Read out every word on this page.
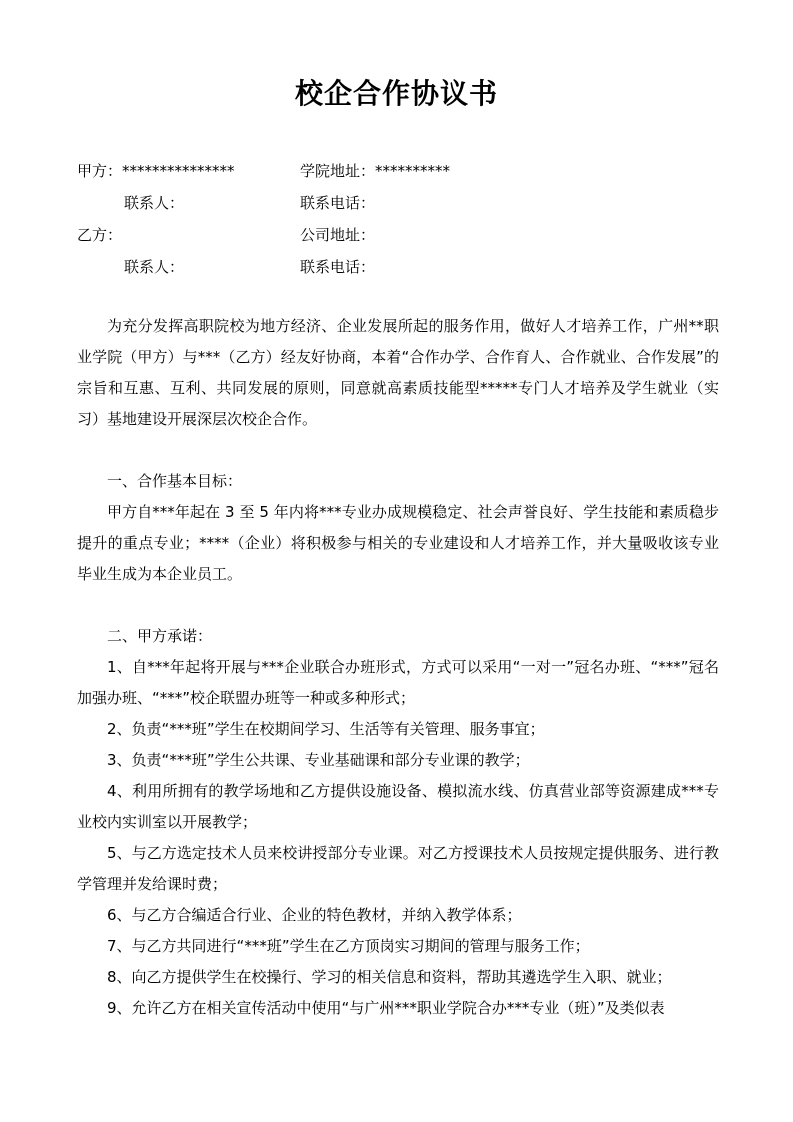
校企合作协议书
甲方：***************	学院地址：**********
联系人：	联系电话：
乙方：	公司地址：
联系人：	联系电话：

为充分发挥高职院校为地方经济、企业发展所起的服务作用，做好人才培养工作，广州**职业学院（甲方）与***（乙方）经友好协商，本着“合作办学、合作育人、合作就业、合作发展”的宗旨和互惠、互利、共同发展的原则，同意就高素质技能型*****专门人才培养及学生就业（实习）基地建设开展深层次校企合作。

一、合作基本目标：

甲方自***年起在 3 至 5 年内将***专业办成规模稳定、社会声誉良好、学生技能和素质稳步提升的重点专业；****（企业）将积极参与相关的专业建设和人才培养工作，并大量吸收该专业毕业生成为本企业员工。

二、甲方承诺：

1、自***年起将开展与***企业联合办班形式，方式可以采用“一对一”冠名办班、“***”冠名加强办班、“***”校企联盟办班等一种或多种形式；

2、负责“***班”学生在校期间学习、生活等有关管理、服务事宜；

3、负责“***班”学生公共课、专业基础课和部分专业课的教学；

4、利用所拥有的教学场地和乙方提供设施设备、模拟流水线、仿真营业部等资源建成***专业校内实训室以开展教学；

5、与乙方选定技术人员来校讲授部分专业课。对乙方授课技术人员按规定提供服务、进行教学管理并发给课时费；

6、与乙方合编适合行业、企业的特色教材，并纳入教学体系；

7、与乙方共同进行“***班”学生在乙方顶岗实习期间的管理与服务工作；

8、向乙方提供学生在校操行、学习的相关信息和资料，帮助其遴选学生入职、就业；

9、允许乙方在相关宣传活动中使用“与广州***职业学院合办***专业（班）”及类似表
